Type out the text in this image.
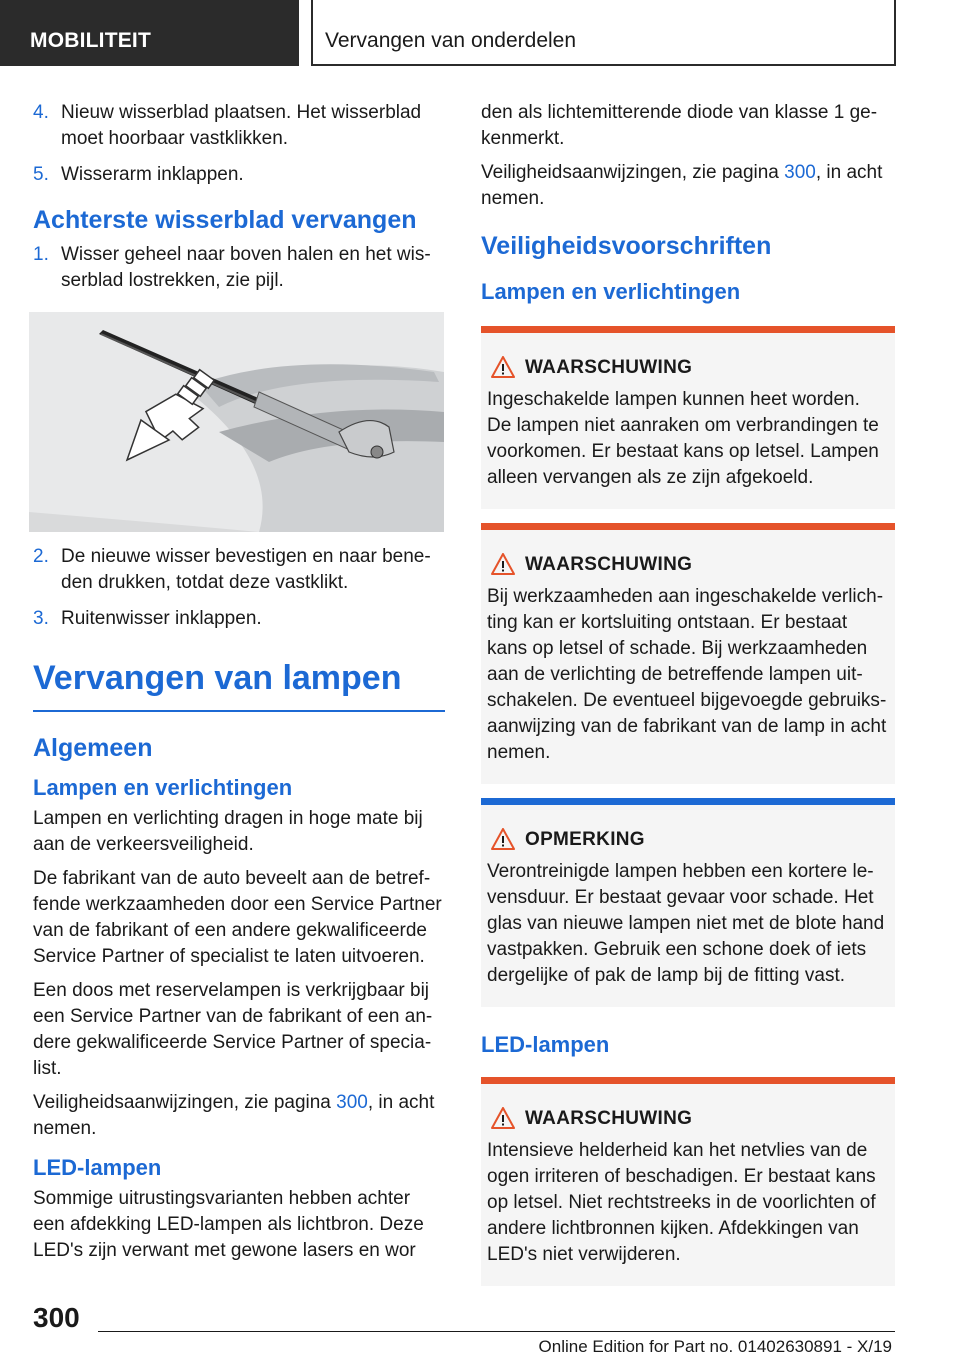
MOBILITEIT	Vervangen van onderdelen
4. Nieuw wisserblad plaatsen. Het wisserblad moet hoorbaar vastklikken.
5. Wisserarm inklappen.
Achterste wisserblad vervangen
1. Wisser geheel naar boven halen en het wisserblad lostrekken, zie pijl.
2. De nieuwe wisser bevestigen en naar beneden drukken, totdat deze vastklikt.
3. Ruitenwisser inklappen.
Vervangen van lampen
Algemeen
Lampen en verlichtingen

Lampen en verlichting dragen in hoge mate bij aan de verkeersveiligheid.

De fabrikant van de auto beveelt aan de betreffende werkzaamheden door een Service Partner van de fabrikant of een andere gekwalificeerde Service Partner of specialist te laten uitvoeren.

Een doos met reservelampen is verkrijgbaar bij een Service Partner van de fabrikant of een andere gekwalificeerde Service Partner of specialist.

Veiligheidsaanwijzingen, zie pagina 300, in acht nemen.

LED-lampen

Sommige uitrustingsvarianten hebben achter een afdekking LED-lampen als lichtbron. Deze LED's zijn verwant met gewone lasers en wor

den als lichtemitterende diode van klasse 1 gekenmerkt.

Veiligheidsaanwijzingen, zie pagina 300, in acht nemen.

Veiligheidsvoorschriften
Lampen en verlichtingen
WAARSCHUWING
Ingeschakelde lampen kunnen heet worden. De lampen niet aanraken om verbrandingen te voorkomen. Er bestaat kans op letsel. Lampen alleen vervangen als ze zijn afgekoeld.
WAARSCHUWING
Bij werkzaamheden aan ingeschakelde verlichting kan er kortsluiting ontstaan. Er bestaat kans op letsel of schade. Bij werkzaamheden aan de verlichting de betreffende lampen uitschakelen. De eventueel bijgevoegde gebruiksaanwijzing van de fabrikant van de lamp in acht nemen.
OPMERKING
Verontreinigde lampen hebben een kortere levensduur. Er bestaat gevaar voor schade. Het glas van nieuwe lampen niet met de blote hand vastpakken. Gebruik een schone doek of iets dergelijke of pak de lamp bij de fitting vast.
LED-lampen
WAARSCHUWING
Intensieve helderheid kan het netvlies van de ogen irriteren of beschadigen. Er bestaat kans op letsel. Niet rechtstreeks in de voorlichten of andere lichtbronnen kijken. Afdekkingen van LED's niet verwijderen.
300
Online Edition for Part no. 01402630891 - X/19
